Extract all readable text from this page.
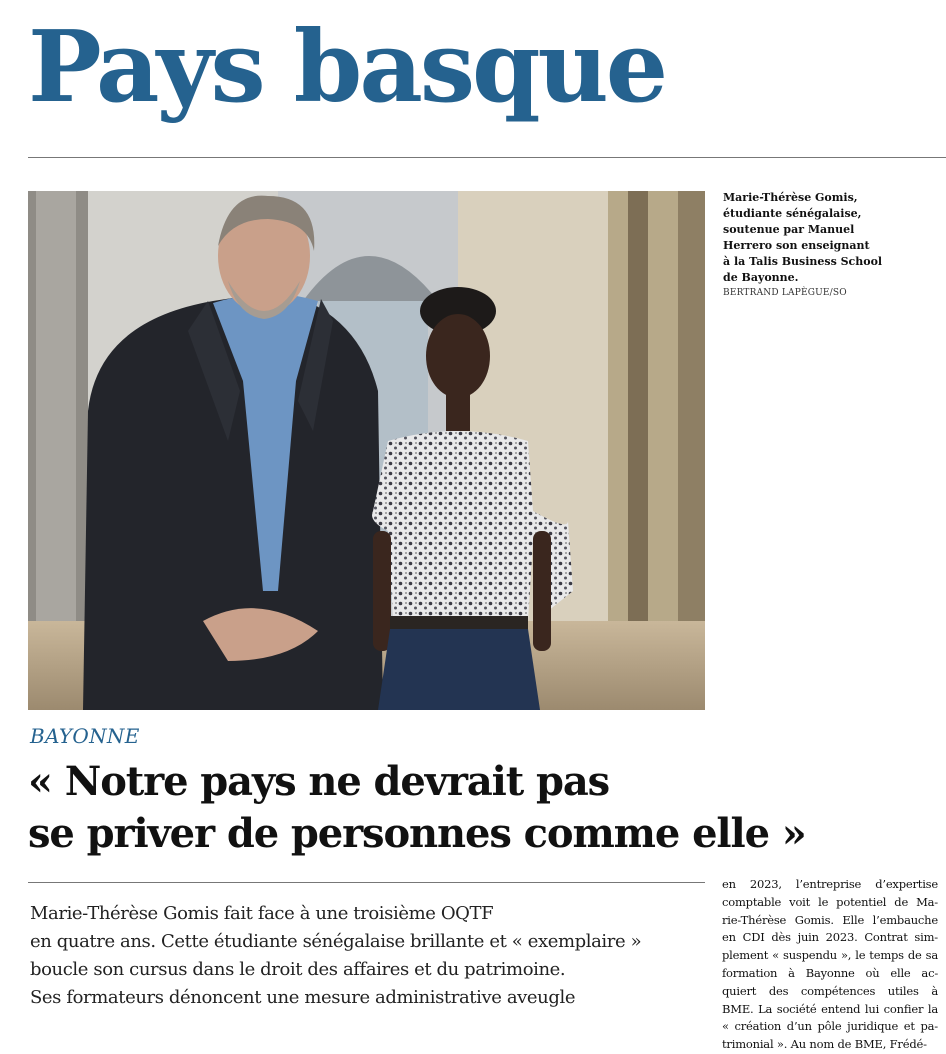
Pays basque
Marie-Thérèse Gomis,
étudiante sénégalaise,
soutenue par Manuel
Herrero son enseignant
à la Talis Business School
de Bayonne.
BERTRAND LAPÈGUE/SO
BAYONNE
« Notre pays ne devrait pas
se priver de personnes comme elle »
Marie-Thérèse Gomis fait face à une troisième OQTF
en quatre ans. Cette étudiante sénégalaise brillante et « exemplaire »
boucle son cursus dans le droit des affaires et du patrimoine.
Ses formateurs dénoncent une mesure administrative aveugle
en 2023, l’entreprise d’expertise
comptable voit le potentiel de Ma-
rie-Thérèse Gomis. Elle l’embauche
en CDI dès juin 2023. Contrat sim-
plement « suspendu », le temps de sa
formation à Bayonne où elle ac-
quiert des compétences utiles à
BME. La société entend lui confier la
« création d’un pôle juridique et pa-
trimonial ». Au nom de BME, Frédé-
